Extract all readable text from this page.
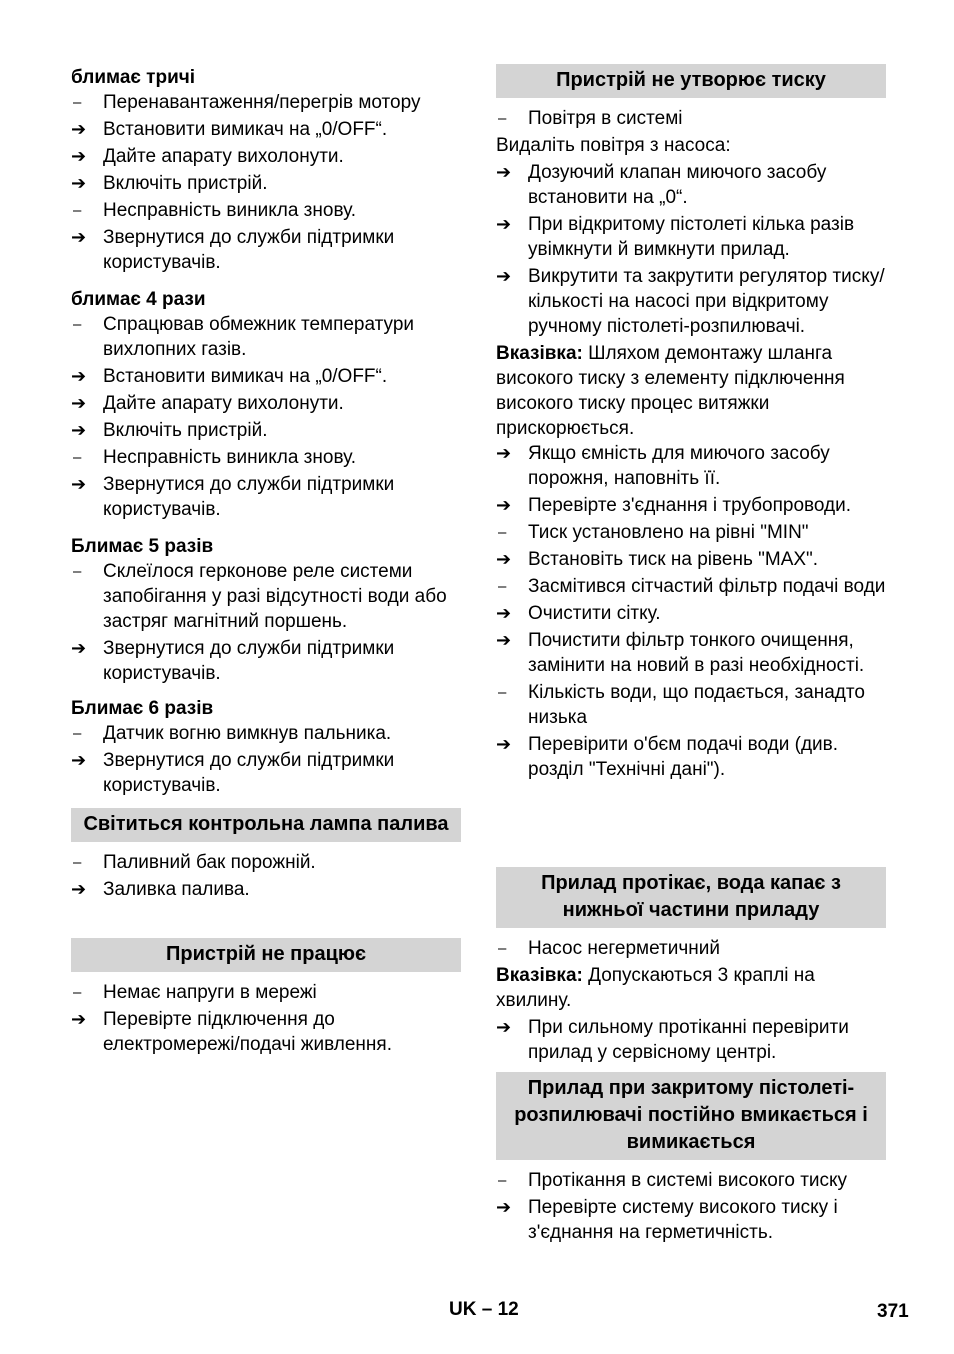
блимає тричі
–	Перенавантаження/перегрів мотору
➔ Встановити вимикач на „0/OFF“.
➔ Дайте апарату вихолонути.
➔ Включіть пристрій.
–	Несправність виникла знову.
➔ Звернутися до служби підтримки користувачів.
блимає 4 рази
–	Спрацював обмежник температури вихлопних газів.
➔ Встановити вимикач на „0/OFF“.
➔ Дайте апарату вихолонути.
➔ Включіть пристрій.
–	Несправність виникла знову.
➔ Звернутися до служби підтримки користувачів.
Блимає 5 разів
–	Склеїлося герконове реле системи запобігання у разі відсутності води або застряг магнітний поршень.
➔ Звернутися до служби підтримки користувачів.
Блимає 6 разів
–	Датчик вогню вимкнув пальника.
➔ Звернутися до служби підтримки користувачів.
Світиться контрольна лампа палива
–	Паливний бак порожній.
➔ Заливка палива.
Пристрій не працює
–	Немає напруги в мережі
➔ Перевірте підключення до електромережі/подачі живлення.
Пристрій не утворює тиску
–	Повітря в системі
Видаліть повітря з насоса:
➔ Дозуючий клапан миючого засобу встановити на „0“.
➔ При відкритому пістолеті кілька разів увімкнути й вимкнути прилад.
➔ Викрутити та закрутити регулятор тиску/кількості на насосі при відкритому ручному пістолеті-розпилювачі.
Вказівка: Шляхом демонтажу шланга високого тиску з елементу підключення високого тиску процес витяжки прискорюється.
➔ Якщо ємність для миючого засобу порожня, наповніть її.
➔ Перевірте з'єднання і трубопроводи.
–	Тиск установлено на рівні "MIN"
➔ Встановіть тиск на рівень "MAX".
–	Засмітився сітчастий фільтр подачі води
➔ Очистити сітку.
➔ Почистити фільтр тонкого очищення, замінити на новий в разі необхідності.
–	Кількість води, що подається, занадто низька
➔ Перевірити о'бєм подачі води (див. розділ "Технічні дані").
Прилад протікає, вода капає з нижньої частини приладу
–	Насос негерметичний
Вказівка: Допускаються 3 краплі на хвилину.
➔ При сильному протіканні перевірити прилад у сервісному центрі.
Прилад при закритому пістолеті-розпилювачі постійно вмикається і вимикається
–	Протікання в системі високого тиску
➔ Перевірте систему високого тиску і з'єднання на герметичність.
UK – 12	371
